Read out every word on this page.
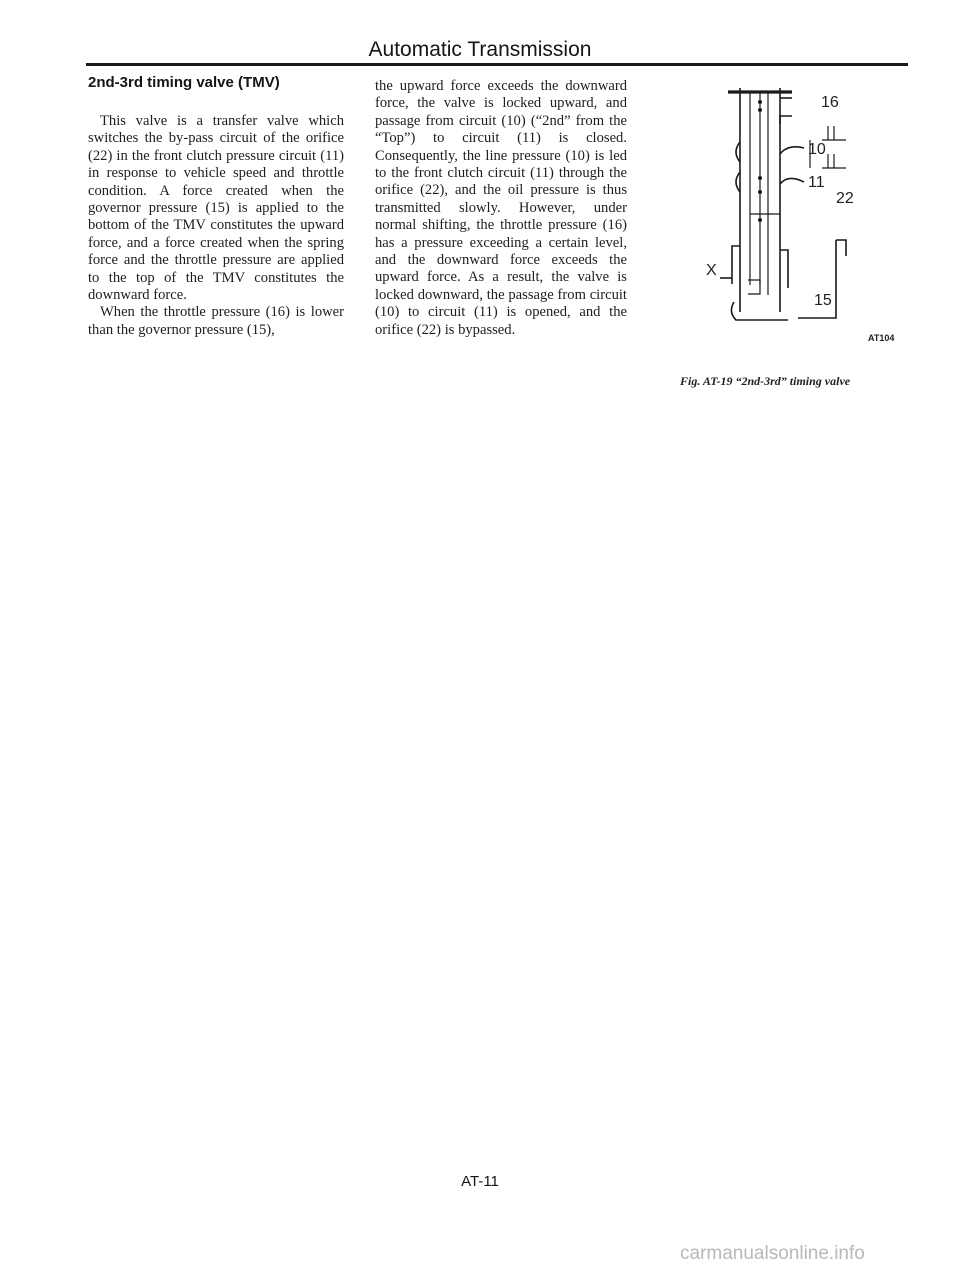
Automatic Transmission
2nd-3rd timing valve (TMV)

This valve is a transfer valve which switches the by-pass circuit of the orifice (22) in the front clutch pressure circuit (11) in response to vehicle speed and throttle condition. A force created when the governor pressure (15) is applied to the bottom of the TMV constitutes the upward force, and a force created when the spring force and the throttle pressure are applied to the top of the TMV constitutes the downward force.

When the throttle pressure (16) is lower than the governor pressure (15),

the upward force exceeds the downward force, the valve is locked upward, and passage from circuit (10) (“2nd” from the “Top”) to circuit (11) is closed. Consequently, the line pressure (10) is led to the front clutch circuit (11) through the orifice (22), and the oil pressure is thus transmitted slowly. However, under normal shifting, the throttle pressure (16) has a pressure exceeding a certain level, and the downward force exceeds the upward force. As a result, the valve is locked downward, the passage from circuit (10) to circuit (11) is opened, and the orifice (22) is bypassed.

16
10
11
22
X
15
AT104
Fig. AT-19 “2nd-3rd” timing valve
AT-11
carmanualsonline.info
